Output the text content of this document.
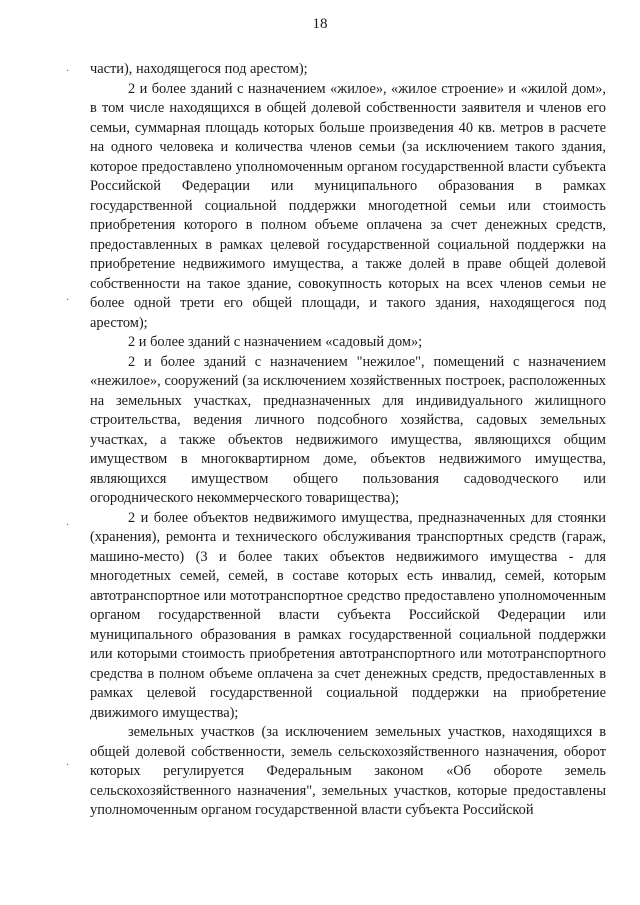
18
·
·
·
·

части), находящегося под арестом);

2 и более зданий с назначением «жилое», «жилое строение» и «жилой дом», в том числе находящихся в общей долевой собственности заявителя и членов его семьи, суммарная площадь которых больше произведения 40 кв. метров в расчете на одного человека и количества членов семьи (за исключением такого здания, которое предоставлено уполномоченным органом государственной власти субъекта Российской Федерации или муниципального образования в рамках государственной социальной поддержки многодетной семьи или стоимость приобретения которого в полном объеме оплачена за счет денежных средств, предоставленных в рамках целевой государственной социальной поддержки на приобретение недвижимого имущества, а также долей в праве общей долевой собственности на такое здание, совокупность которых на всех членов семьи не более одной трети его общей площади, и такого здания, находящегося под арестом);

2 и более зданий с назначением «садовый дом»;

2 и более зданий с назначением "нежилое", помещений с назначением «нежилое», сооружений (за исключением хозяйственных построек, расположенных на земельных участках, предназначенных для индивидуального жилищного строительства, ведения личного подсобного хозяйства, садовых земельных участках, а также объектов недвижимого имущества, являющихся общим имуществом в многоквартирном доме, объектов недвижимого имущества, являющихся имуществом общего пользования садоводческого или огороднического некоммерческого товарищества);

2 и более объектов недвижимого имущества, предназначенных для стоянки (хранения), ремонта и технического обслуживания транспортных средств (гараж, машино-место) (3 и более таких объектов недвижимого имущества - для многодетных семей, семей, в составе которых есть инвалид, семей, которым автотранспортное или мототранспортное средство предоставлено уполномоченным органом государственной власти субъекта Российской Федерации или муниципального образования в рамках государственной социальной поддержки или которыми стоимость приобретения автотранспортного или мототранспортного средства в полном объеме оплачена за счет денежных средств, предоставленных в рамках целевой государственной социальной поддержки на приобретение движимого имущества);

земельных участков (за исключением земельных участков, находящихся в общей долевой собственности, земель сельскохозяйственного назначения, оборот которых регулируется Федеральным законом «Об обороте земель сельскохозяйственного назначения", земельных участков, которые предоставлены уполномоченным органом государственной власти субъекта Российской
